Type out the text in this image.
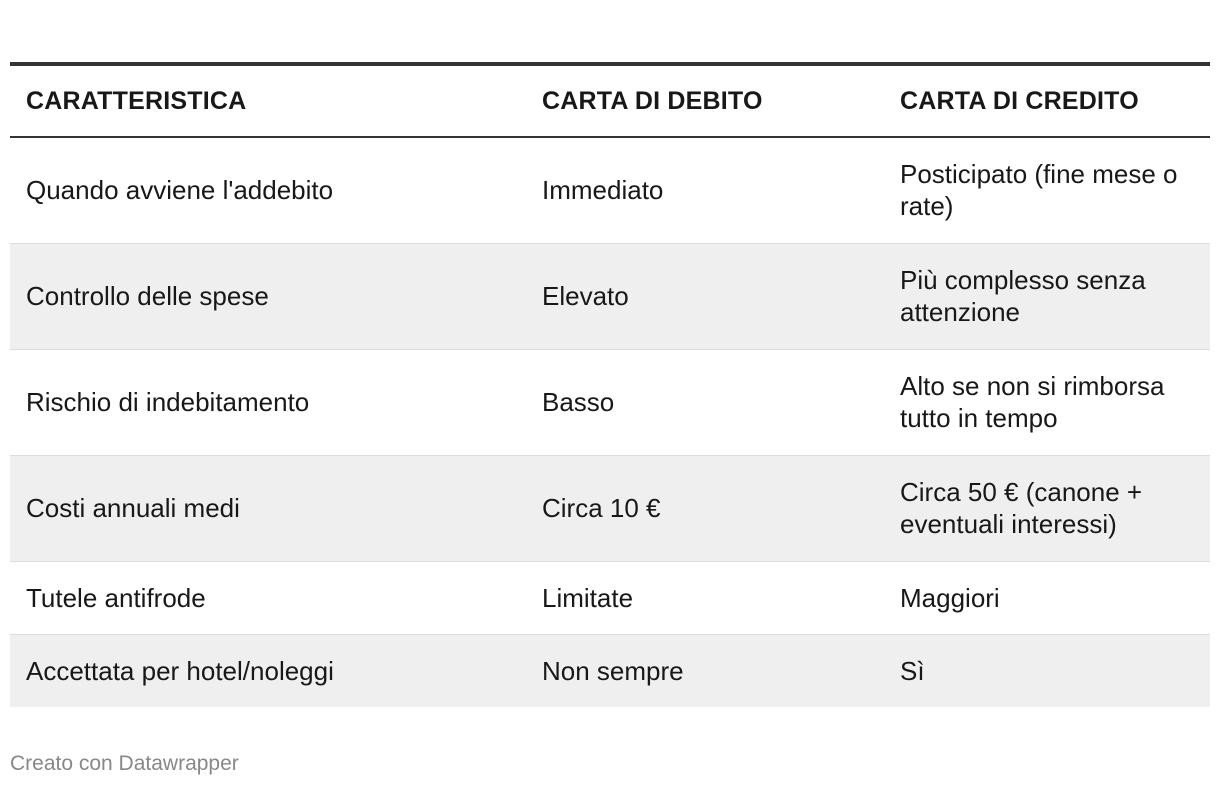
CARATTERISTICA	CARTA DI DEBITO	CARTA DI CREDITO
Quando avviene l'addebito	Immediato	Posticipato (fine mese o rate)
Controllo delle spese	Elevato	Più complesso senza attenzione
Rischio di indebitamento	Basso	Alto se non si rimborsa tutto in tempo
Costi annuali medi	Circa 10 €	Circa 50 € (canone + eventuali interessi)
Tutele antifrode	Limitate	Maggiori
Accettata per hotel/noleggi	Non sempre	Sì
Creato con Datawrapper
